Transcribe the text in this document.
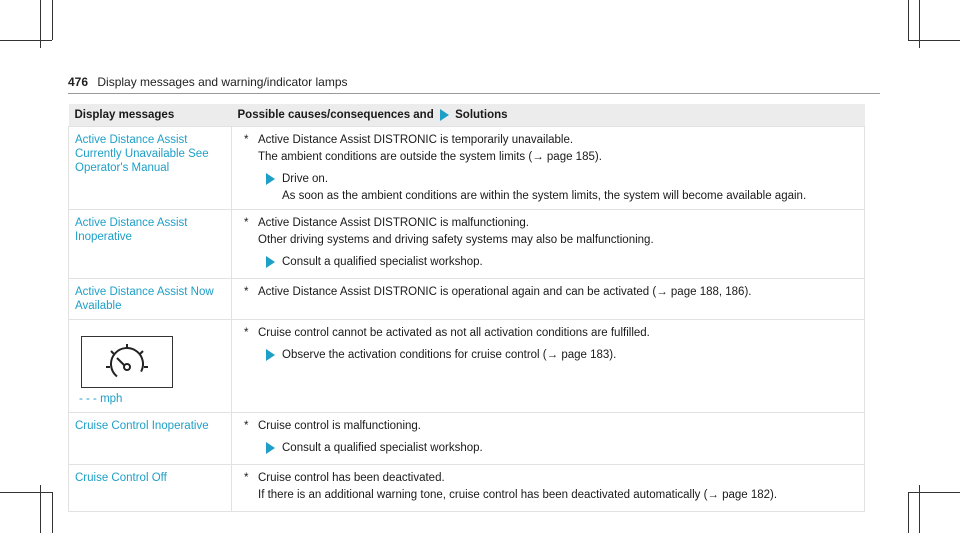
476 Display messages and warning/indicator lamps
Display messages	Possible causes/consequences and Solutions
Active Distance Assist Currently Unavailable See Operator's Manual	* Active Distance Assist DISTRONIC is temporarily unavailable.
The ambient conditions are outside the system limits (→ page 185).
Drive on.
As soon as the ambient conditions are within the system limits, the system will become available again.

Active Distance Assist Inoperative	* Active Distance Assist DISTRONIC is malfunctioning.
Other driving systems and driving safety systems may also be malfunctioning.
Consult a qualified specialist workshop.

Active Distance Assist Now Available	* Active Distance Assist DISTRONIC is operational again and can be activated (→ page 188, 186).

- - - mph	* Cruise control cannot be activated as not all activation conditions are fulfilled.
Observe the activation conditions for cruise control (→ page 183).

Cruise Control Inoperative	* Cruise control is malfunctioning.
Consult a qualified specialist workshop.

Cruise Control Off	* Cruise control has been deactivated.
If there is an additional warning tone, cruise control has been deactivated automatically (→ page 182).
